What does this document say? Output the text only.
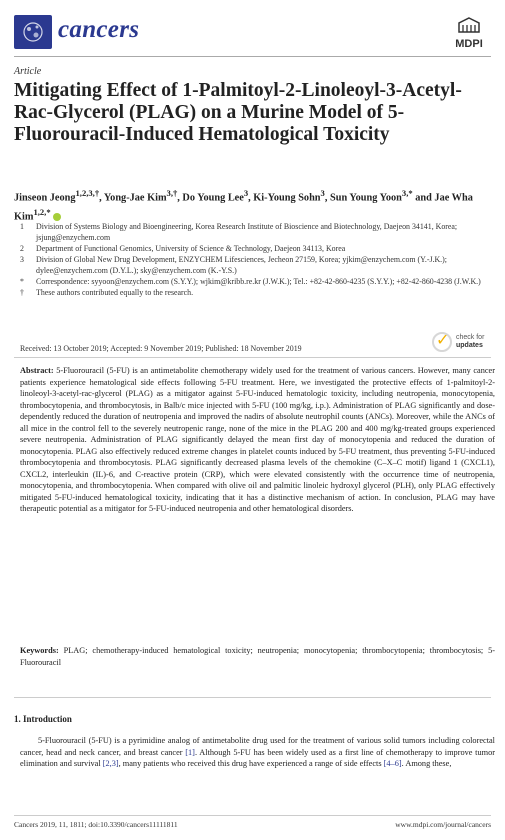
cancers
MDPI
Article
Mitigating Effect of 1-Palmitoyl-2-Linoleoyl-3-Acetyl-Rac-Glycerol (PLAG) on a Murine Model of 5-Fluorouracil-Induced Hematological Toxicity
Jinseon Jeong$^{1,2,3,\dagger}$, Yong-Jae Kim$^{3,\dagger}$, Do Young Lee$^3$, Ki-Young Sohn$^3$, Sun Young Yoon$^{3,*}$ and Jae Wha Kim$^{1,2,*}$
1	Division of Systems Biology and Bioengineering, Korea Research Institute of Bioscience and Biotechnology, Daejeon 34141, Korea; jsjung@enzychem.com
2	Department of Functional Genomics, University of Science & Technology, Daejeon 34113, Korea
3	Division of Global New Drug Development, ENZYCHEM Lifesciences, Jecheon 27159, Korea; yjkim@enzychem.com (Y.-J.K.); dylee@enzychem.com (D.Y.L.); sky@enzychem.com (K.-Y.S.)
*	Correspondence: syyoon@enzychem.com (S.Y.Y.); wjkim@kribb.re.kr (J.W.K.); Tel.: +82-42-860-4235 (S.Y.Y.); +82-42-860-4238 (J.W.K.)
†	These authors contributed equally to the research.
✓ check for
updates
Received: 13 October 2019; Accepted: 9 November 2019; Published: 18 November 2019
Abstract: 5-Fluorouracil (5-FU) is an antimetabolite chemotherapy widely used for the treatment of various cancers. However, many cancer patients experience hematological side effects following 5-FU treatment. Here, we investigated the protective effects of 1-palmitoyl-2-linoleoyl-3-acetyl-rac-glycerol (PLAG) as a mitigator against 5-FU-induced hematologic toxicity, including neutropenia, monocytopenia, thrombocytopenia, and thrombocytosis, in Balb/c mice injected with 5-FU (100 mg/kg, i.p.). Administration of PLAG significantly and dose-dependently reduced the duration of neutropenia and improved the nadirs of absolute neutrophil counts (ANCs). Moreover, while the ANCs of all mice in the control fell to the severely neutropenic range, none of the mice in the PLAG 200 and 400 mg/kg-treated groups experienced severe neutropenia. Administration of PLAG significantly delayed the mean first day of monocytopenia and reduced the duration of monocytopenia. PLAG also effectively reduced extreme changes in platelet counts induced by 5-FU treatment, thus preventing 5-FU-induced thrombocytopenia and thrombocytosis. PLAG significantly decreased plasma levels of the chemokine (C–X–C motif) ligand 1 (CXCL1), CXCL2, interleukin (IL)-6, and C-reactive protein (CRP), which were elevated consistently with the occurrence time of neutropenia, monocytopenia, and thrombocytopenia. When compared with olive oil and palmitic linoleic hydroxyl glycerol (PLH), only PLAG effectively mitigated 5-FU-induced hematological toxicity, indicating that it has a distinctive mechanism of action. In conclusion, PLAG may have therapeutic potential as a mitigator for 5-FU-induced neutropenia and other hematological disorders.
Keywords: PLAG; chemotherapy-induced hematological toxicity; neutropenia; monocytopenia; thrombocytopenia; thrombocytosis; 5-Fluorouracil
1. Introduction
5-Fluorouracil (5-FU) is a pyrimidine analog of antimetabolite drug used for the treatment of various solid tumors including colorectal cancer, head and neck cancer, and breast cancer [1]. Although 5-FU has been widely used as a first line of chemotherapy to improve tumor elimination and survival [2,3], many patients who received this drug have experienced a range of side effects [4–6]. Among these,
Cancers 2019, 11, 1811; doi:10.3390/cancers11111811	www.mdpi.com/journal/cancers
